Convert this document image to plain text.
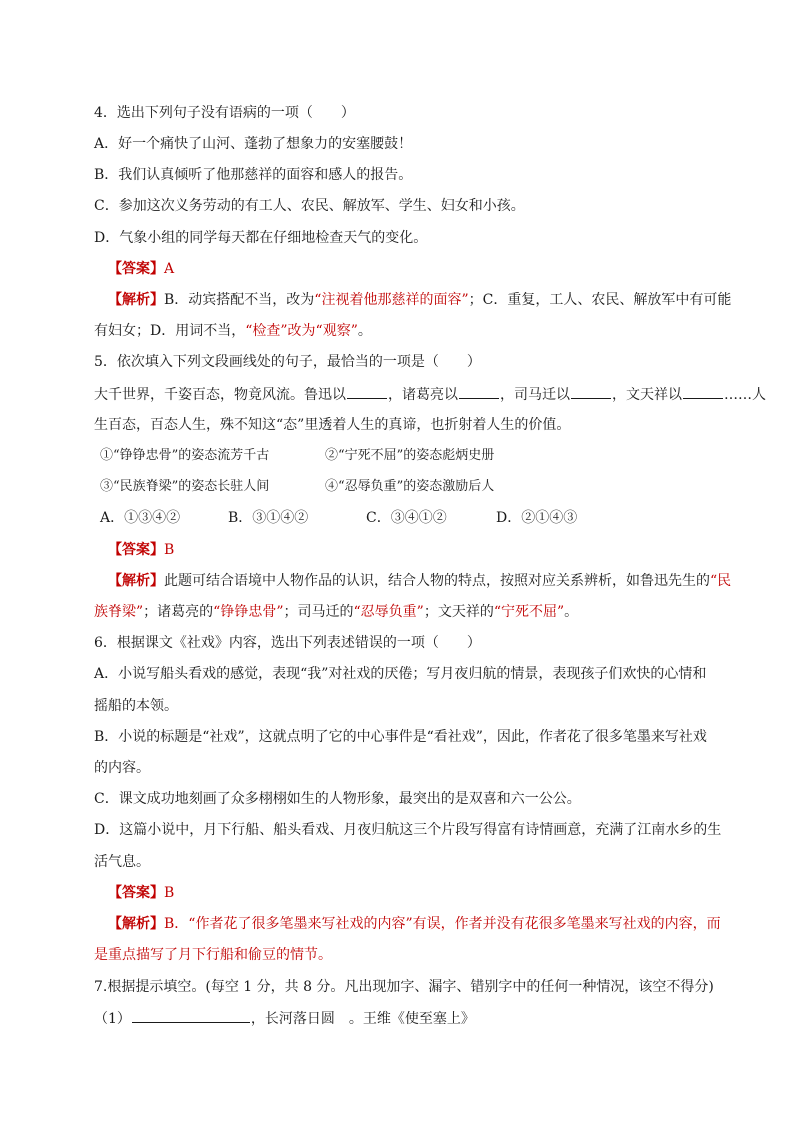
4．选出下列句子没有语病的一项（　　）
A．好一个痛快了山河、蓬勃了想象力的安塞腰鼓！
B．我们认真倾听了他那慈祥的面容和感人的报告。
C．参加这次义务劳动的有工人、农民、解放军、学生、妇女和小孩。
D．气象小组的同学每天都在仔细地检查天气的变化。
【答案】A
【解析】B．动宾搭配不当，改为“注视着他那慈祥的面容”；C．重复，工人、农民、解放军中有可能
有妇女；D．用词不当，“检查”改为“观察”。
5．依次填入下列文段画线处的句子，最恰当的一项是（　　）
大千世界，千姿百态，物竟风流。鲁迅以	，诸葛亮以	，司马迁以	，文天祥以	……人
生百态，百态人生，殊不知这“态”里透着人生的真谛，也折射着人生的价值。
①“铮铮忠骨”的姿态流芳千古	②“宁死不屈”的姿态彪炳史册
③“民族脊梁”的姿态长驻人间	④“忍辱负重”的姿态激励后人
A．①③④②	B．③①④②	C．③④①②	D．②①④③
【答案】B
【解析】此题可结合语境中人物作品的认识，结合人物的特点，按照对应关系辨析，如鲁迅先生的“民
族脊梁”；诸葛亮的“铮铮忠骨”；司马迁的“忍辱负重”；文天祥的“宁死不屈”。
6．根据课文《社戏》内容，选出下列表述错误的一项（　　）
A．小说写船头看戏的感觉，表现“我”对社戏的厌倦；写月夜归航的情景，表现孩子们欢快的心情和
摇船的本领。
B．小说的标题是“社戏”，这就点明了它的中心事件是“看社戏”，因此，作者花了很多笔墨来写社戏
的内容。
C．课文成功地刻画了众多栩栩如生的人物形象，最突出的是双喜和六一公公。
D．这篇小说中，月下行船、船头看戏、月夜归航这三个片段写得富有诗情画意，充满了江南水乡的生
活气息。
【答案】B
【解析】B．“作者花了很多笔墨来写社戏的内容”有误，作者并没有花很多笔墨来写社戏的内容，而
是重点描写了月下行船和偷豆的情节。
7.根据提示填空。(每空 1 分，共 8 分。凡出现加字、漏字、错别字中的任何一种情况，该空不得分)
（1）	，长河落日圆　。王维《使至塞上》
